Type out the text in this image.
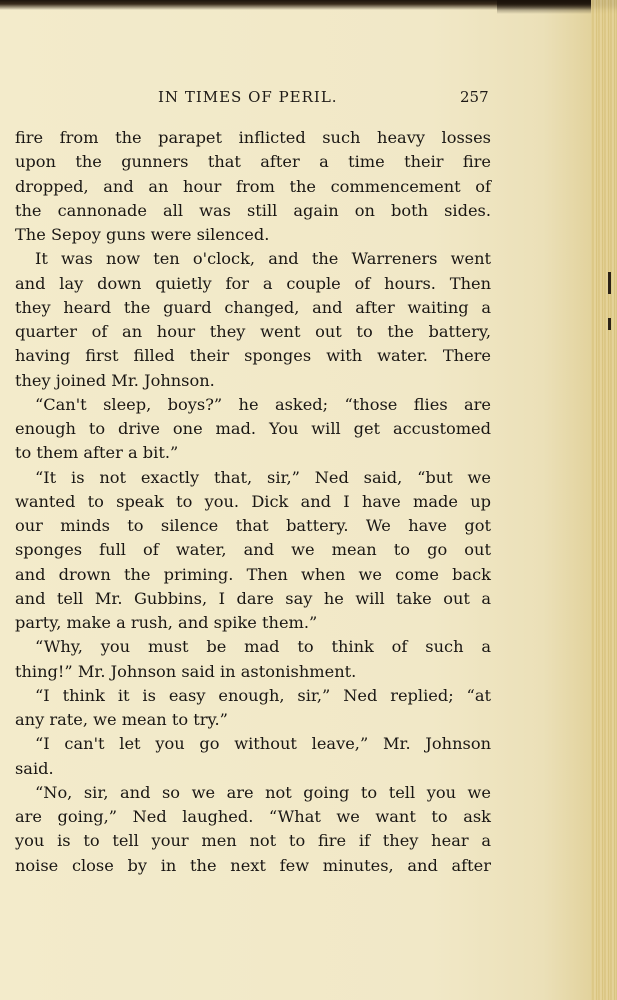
IN TIMES OF PERIL.	257
fire from the parapet inflicted such heavy losses
upon the gunners that after a time their fire
dropped, and an hour from the commencement of
the cannonade all was still again on both sides.
The Sepoy guns were silenced.
It was now ten o'clock, and the Warreners went
and lay down quietly for a couple of hours. Then
they heard the guard changed, and after waiting a
quarter of an hour they went out to the battery,
having first filled their sponges with water. There
they joined Mr. Johnson.
“Can't sleep, boys?” he asked; “those flies are
enough to drive one mad. You will get accustomed
to them after a bit.”
“It is not exactly that, sir,” Ned said, “but we
wanted to speak to you. Dick and I have made up
our minds to silence that battery. We have got
sponges full of water, and we mean to go out
and drown the priming. Then when we come back
and tell Mr. Gubbins, I dare say he will take out a
party, make a rush, and spike them.”
“Why, you must be mad to think of such a
thing!” Mr. Johnson said in astonishment.
“I think it is easy enough, sir,” Ned replied; “at
any rate, we mean to try.”
“I can't let you go without leave,” Mr. Johnson
said.
“No, sir, and so we are not going to tell you we
are going,” Ned laughed. “What we want to ask
you is to tell your men not to fire if they hear a
noise close by in the next few minutes, and after
